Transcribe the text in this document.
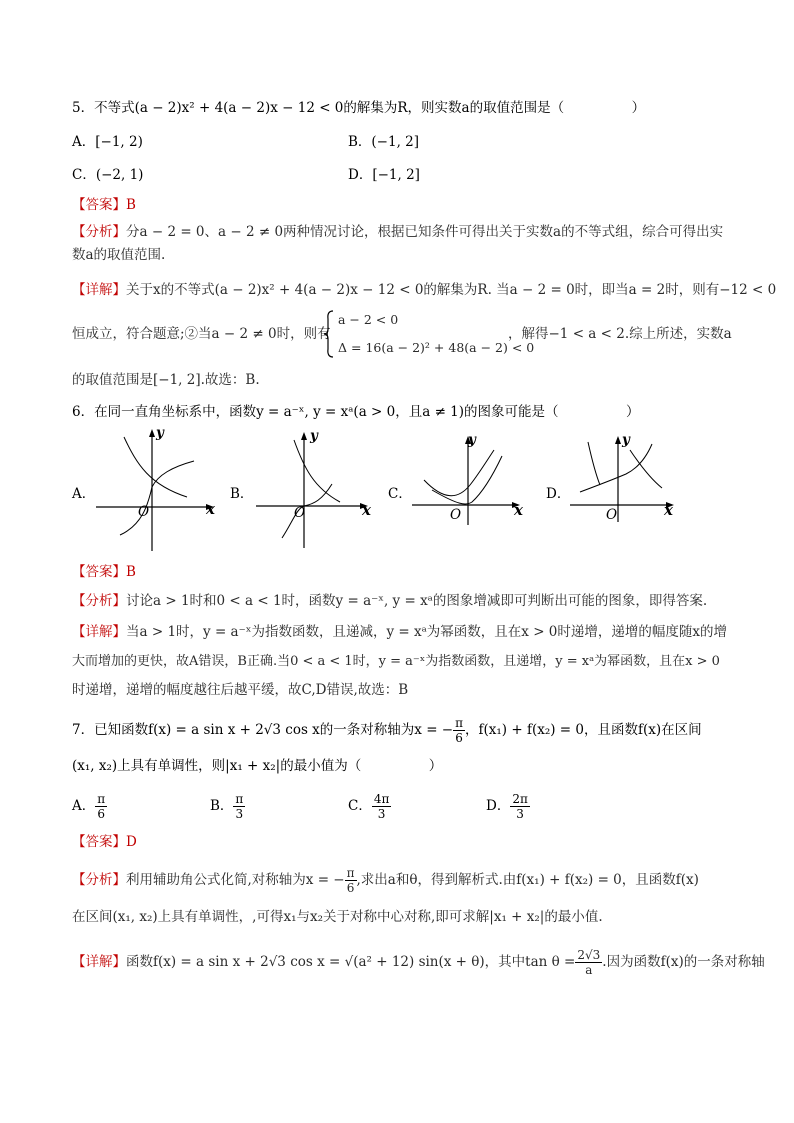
5．不等式(a − 2)x² + 4(a − 2)x − 12 < 0的解集为R，则实数a的取值范围是（　　　　　）
A．[−1, 2)	B．(−1, 2]
C．(−2, 1)	D．[−1, 2]
【答案】B
【分析】分a − 2 = 0、a − 2 ≠ 0两种情况讨论，根据已知条件可得出关于实数a的不等式组，综合可得出实
数a的取值范围.
【详解】关于x的不等式(a − 2)x² + 4(a − 2)x − 12 < 0的解集为R. 当a − 2 = 0时，即当a = 2时，则有−12 < 0
恒成立，符合题意;②当a − 2 ≠ 0时，则有
a − 2 < 0
Δ = 16(a − 2)² + 48(a − 2) < 0
，解得−1 < a < 2.综上所述，实数a
的取值范围是[−1, 2].故选：B.
6．在同一直角坐标系中，函数y = a⁻ˣ, y = xᵃ(a > 0，且a ≠ 1)的图象可能是（　　　　　）
A．
y
x
O
B．
y
x
O
C．
y
x
O
D．
y
x
O
【答案】B
【分析】讨论a > 1时和0 < a < 1时，函数y = a⁻ˣ, y = xᵃ的图象增减即可判断出可能的图象，即得答案.
【详解】当a > 1时，y = a⁻ˣ为指数函数，且递减，y = xᵃ为幂函数，且在x > 0时递增，递增的幅度随x的增
大而增加的更快，故A错误，B正确.当0 < a < 1时，y = a⁻ˣ为指数函数，且递增，y = xᵃ为幂函数，且在x > 0
时递增，递增的幅度越往后越平缓，故C,D错误,故选：B
7．已知函数f(x) = a sin x + 2√3 cos x的一条对称轴为x = − $\frac{\pi}{6}$ ，f(x₁) + f(x₂) = 0，且函数f(x)在区间
(x₁, x₂)上具有单调性，则|x₁ + x₂|的最小值为（　　　　　）
A． $\frac{\pi}{6}$	B． $\frac{\pi}{3}$	C． $\frac{4\pi}{3}$	D． $\frac{2\pi}{3}$
【答案】D
【分析】利用辅助角公式化简,对称轴为x = − $\frac{\pi}{6}$ ,求出a和θ，得到解析式.由f(x₁) + f(x₂) = 0，且函数f(x)
在区间(x₁, x₂)上具有单调性，,可得x₁与x₂关于对称中心对称,即可求解|x₁ + x₂|的最小值.
【详解】函数f(x) = a sin x + 2√3 cos x = √(a² + 12) sin(x + θ)，其中$\tan \theta = \frac{2√3}{a}$ .因为函数f(x)的一条对称轴
